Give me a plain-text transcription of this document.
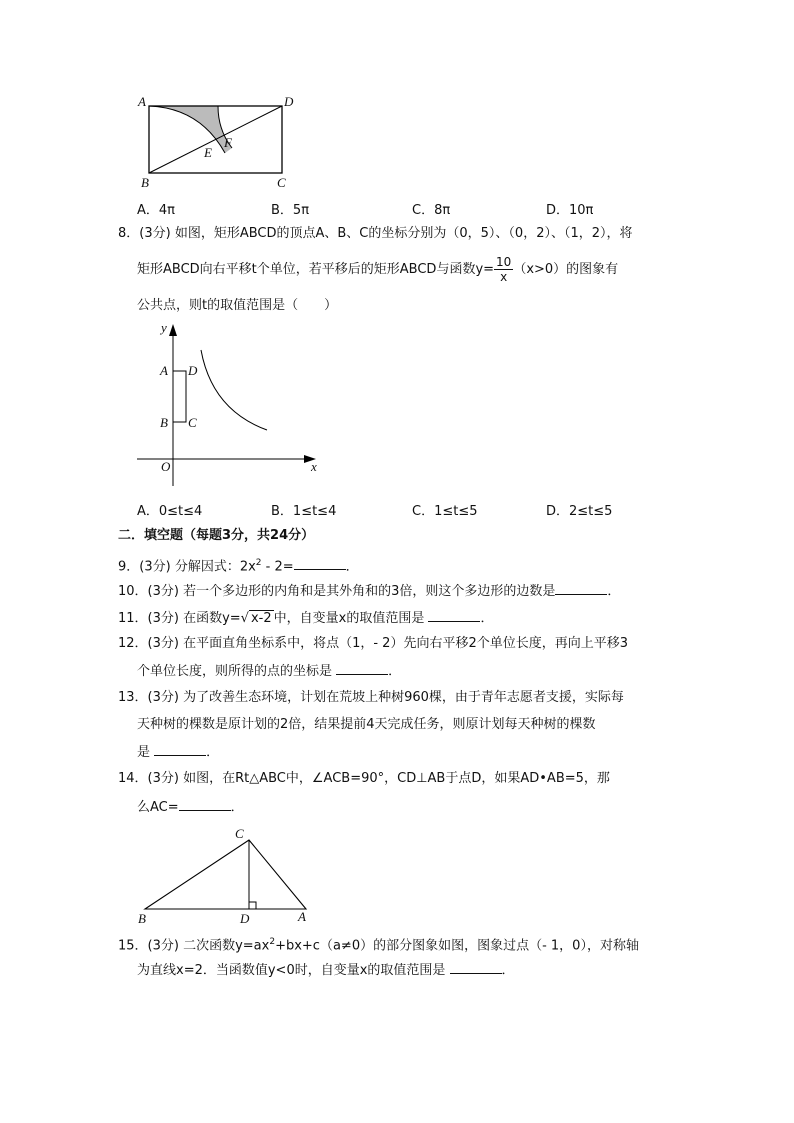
A	D
B	C
E
F
A．4π	B．5π	C．8π	D．10π
8．(3分) 如图，矩形ABCD的顶点A、B、C的坐标分别为（0，5）、（0，2）、（1，2），将
矩形ABCD向右平移t个单位，若平移后的矩形ABCD与函数$y= \frac{10}{x} (x>0)$的图象有
公共点，则t的取值范围是（　　）
y
x
O
A D
B C
A．0≤t≤4	B．1≤t≤4	C．1≤t≤5	D．2≤t≤5
二．填空题（每题3分，共24分）
9．(3分) 分解因式：$2x^2 - 2=$	．
10．(3分) 若一个多边形的内角和是其外角和的3倍，则这个多边形的边数是	．
11．(3分) 在函数y=√ x-2 中，自变量x的取值范围是	．
12．(3分) 在平面直角坐标系中，将点（1，- 2）先向右平移2个单位长度，再向上平移3
个单位长度，则所得的点的坐标是	．
13．(3分) 为了改善生态环境，计划在荒坡上种树960棵，由于青年志愿者支援，实际每
天种树的棵数是原计划的2倍，结果提前4天完成任务，则原计划每天种树的棵数
是	．
14．(3分) 如图，在Rt△ABC中，∠ACB=90°，CD⊥AB于点D，如果AD•AB=5，那
么AC=	．
C
B	D	A
15．(3分) 二次函数$y=ax^2+bx+c(a\ne 0)$的部分图象如图，图象过点（- 1，0），对称轴
为直线x=2．当函数值y<0时，自变量x的取值范围是	．
